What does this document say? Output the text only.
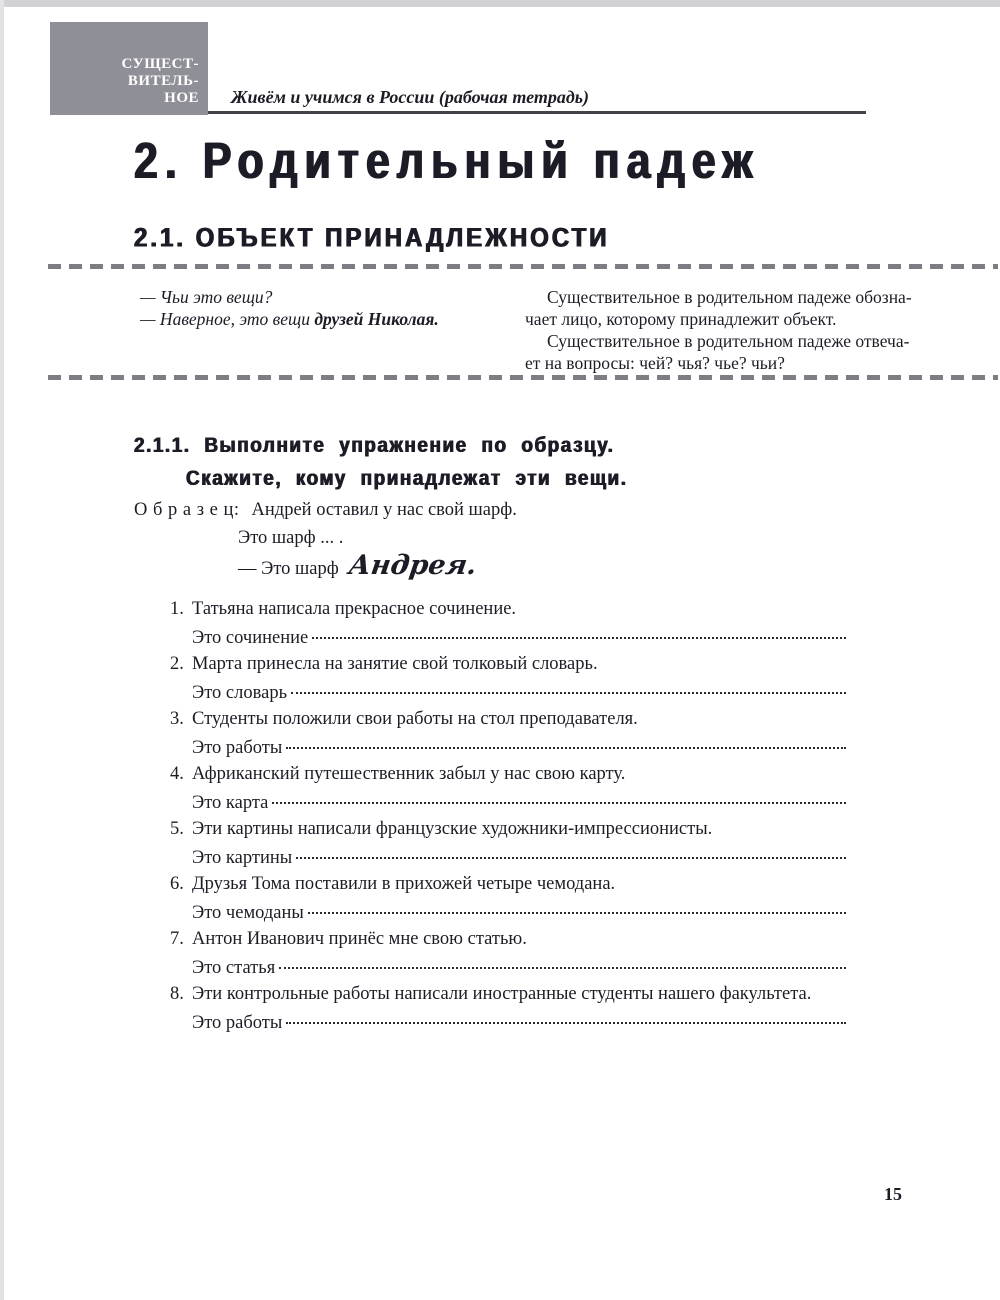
СУЩЕСТ-
ВИТЕЛЬ-
НОЕ Живём и учимся в России (рабочая тетрадь)
2. Родительный падеж
2.1. ОБЪЕКТ ПРИНАДЛЕЖНОСТИ
— Чьи это вещи?
— Наверное, это вещи друзей Николая.
Существительное в родительном падеже обозна-
чает лицо, которому принадлежит объект.
Существительное в родительном падеже отвеча-
ет на вопросы: чей? чья? чье? чьи?
2.1.1. Выполните упражнение по образцу.
Скажите, кому принадлежат эти вещи.
О б р а з е ц: Андрей оставил у нас свой шарф.
Это шарф ... .
— Это шарф Андрея.
1. Татьяна написала прекрасное сочинение.
Это сочинение
2. Марта принесла на занятие свой толковый словарь.
Это словарь
3. Студенты положили свои работы на стол преподавателя.
Это работы
4. Африканский путешественник забыл у нас свою карту.
Это карта
5. Эти картины написали французские художники-импрессионисты.
Это картины
6. Друзья Тома поставили в прихожей четыре чемодана.
Это чемоданы
7. Антон Иванович принёс мне свою статью.
Это статья
8. Эти контрольные работы написали иностранные студенты нашего факультета.
Это работы
15
